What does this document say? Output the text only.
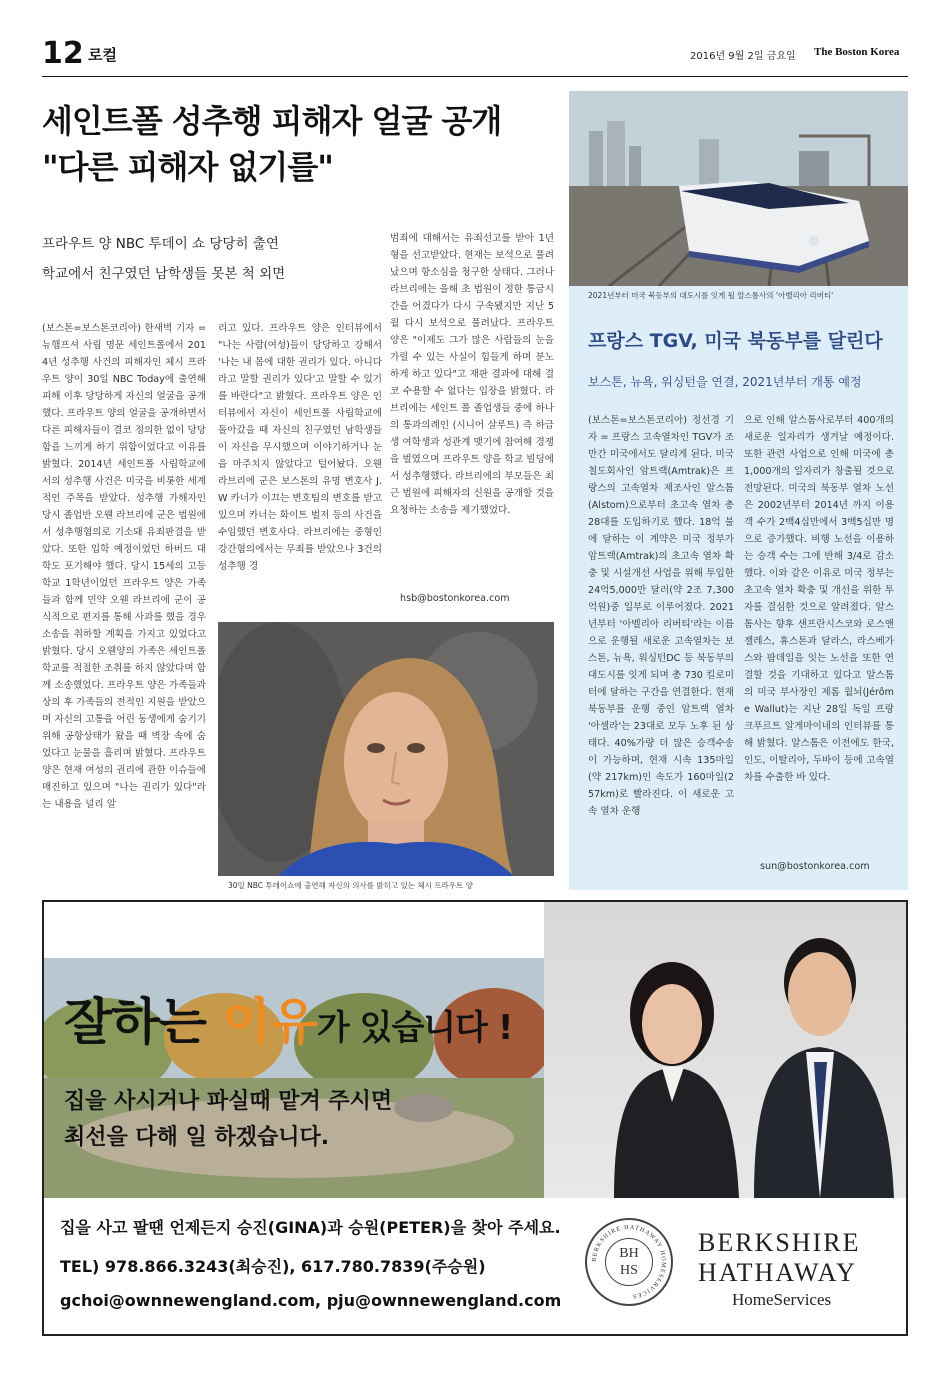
12 로컬	2016년 9월 2일 금요일 The Boston Korea
세인트폴 성추행 피해자 얼굴 공개
"다른 피해자 없기를"
프라우트 양 NBC 투데이 쇼 당당히 출연
학교에서 친구였던 남학생들 못본 척 외면
(보스톤=보스톤코리아) 한새벽 기자 = 뉴햄프셔 사립 명문 세인트폴에서 2014년 성추행 사건의 피해자인 체시 프라우트 양이 30일 NBC Today에 출연해 피해 이후 당당하게 자신의 얼굴을 공개했다. 프라우트 양의 얼굴을 공개하면서 다른 피해자들이 결코 정의한 없이 당당함을 느끼게 하기 위함이었다고 이유를 밝혔다. 2014년 세인트폴 사립학교에서의 성추행 사건은 미국을 비롯한 세계적인 주목을 받았다. 성추행 가해자인 당시 졸업반 오웬 라브리에 군은 법원에서 성추행혐의로 기소돼 유죄판결을 받았다. 또한 입학 예정이었던 하버드 대학도 포기해야 했다. 당시 15세의 고등학교 1학년이었던 프라우트 양은 가족들과 함께 민약 오웬 라브리에 군이 공식적으로 편지를 통해 사과를 했을 경우 소송을 취하할 계획을 가지고 있었다고 밝혔다. 당시 오웬양의 가족은 세인트폴 학교를 적절한 조취를 하지 않았다며 함께 소송했었다. 프라우트 양은 가족들과 상의 후 가족들의 전적인 지원을 받았으며 자신의 고통을 어린 동생에게 숨기기 위해 공항상태가 왔을 때 벽장 속에 숨었다고 눈물을 흘리며 밝혔다. 프라우트 양은 현재 여성의 권리에 관한 이슈들에 매진하고 있으며 "나는 권리가 있다"라는 내용을 널리 알
리고 있다. 프라우트 양은 인터뷰에서 "나는 사람(여성)들이 당당하고 강해서 '나는 내 몸에 대한 권리가 있다. 아니다라고 말할 권리가 있다'고 말할 수 있기를 바란다"고 밝혔다. 프라우트 양은 인터뷰에서 자신이 세인트폴 사립학교에 돌아갔을 때 자신의 친구였던 남학생들이 자신을 무시했으며 이야기하거나 눈을 마주치지 않았다고 털어놨다. 오웬 라브리에 군은 보스톤의 유명 변호사 J.W 카너가 이끄는 변호팀의 변호를 받고 있으며 카너는 화이트 벌저 등의 사건을 수임했던 변호사다. 라브리에는 중형인 강간혐의에서는 무죄를 받았으나 3건의 성추행 경
범죄에 대해서는 유죄선고를 받아 1년형을 선고받았다. 현재는 보석으로 풀려났으며 항소심을 청구한 상태다. 그러나 라브리에는 올해 초 법원이 정한 통금시간을 어겼다가 다시 구속됐지만 지난 5월 다시 보석으로 풀려났다. 프라우트 양은 "이제도 그가 많은 사람들의 눈을 가릴 수 있는 사실이 힘들게 하며 분노하게 하고 있다"고 재판 결과에 대해 결코 수용할 수 없다는 입장을 밝혔다. 라브리에는 세인트 폴 졸업생들 중에 하나의 통과의례인 (시니어 살루트) 즉 하급생 여학생과 성관계 맺기에 참여해 경쟁을 벌였으며 프라우트 양을 학교 빌딩에서 성추행했다. 라브리에의 부모들은 최근 법원에 피해자의 신원을 공개할 것을 요청하는 소송을 제기했었다.
hsb@bostonkorea.com
30일 NBC 투데이쇼에 출연해 자신의 의사를 밝히고 있는 체시 프라우트 양
2021년부터 미국 북동부의 대도시를 잇게 될 알스톰사의 '아벨리아 리버티'
프랑스 TGV, 미국 북동부를 달린다
보스톤, 뉴욕, 워싱턴을 연결, 2021년부터 개통 예정
(보스톤=보스톤코리아) 정선경 기자 = 프랑스 고속열차인 TGV가 조만간 미국에서도 달리게 된다. 미국철도회사인 암트랙(Amtrak)은 프랑스의 고속열차 제조사인 알스톰(Alstom)으로부터 초고속 열차 총 28대를 도입하기로 했다. 18억 불에 달하는 이 계약은 미국 정부가 암트랙(Amtrak)의 초고속 열차 확충 및 시설개선 사업을 위해 투입한 24억5,000만 달러(약 2조 7,300억원)중 일부로 이루어졌다. 2021년부터 '아벨리아 리버티'라는 이름으로 운행될 새로운 고속열차는 보스톤, 뉴욕, 워싱턴DC 등 북동부의 대도시를 잇게 되며 총 730 킬로미터에 달하는 구간을 연결한다. 현재 북동부를 운행 중인 암트랙 열차 '아셀라'는 23대로 모두 노후 된 상태다. 40%가량 더 많은 승객수송이 가능하며, 현재 시속 135마일(약 217km)인 속도가 160마일(257km)로 빨라진다. 이 새로운 고속 열차 운행
으로 인해 알스톰사로부터 400개의 새로운 일자리가 생겨날 예정이다. 또한 관련 사업으로 인해 미국에 총 1,000개의 일자리가 창출될 것으로 전망된다. 미국의 북동부 열차 노선은 2002년부터 2014년 까지 이용객 수가 2백4십만에서 3백5십만 명으로 증가했다. 비행 노선을 이용하는 승객 수는 그에 반해 3/4로 감소했다. 이와 같은 이유로 미국 정부는 초고속 열차 확충 및 개선을 위한 투자를 결심한 것으로 알려졌다. 알스톰사는 향후 샌프란시스코와 로스앤젤레스, 휴스톤과 달라스, 라스베가스와 팜데일을 잇는 노선을 또한 연결할 것을 기대하고 있다고 알스톰의 미국 부사장인 제롬 월뇌(Jérôme Wallut)는 지난 28일 독일 프랑크푸르트 알게마이네의 인터뷰를 통해 밝혔다. 알스톰은 이전에도 한국, 인도, 이탈리아, 두바이 등에 고속열차를 수출한 바 있다.
sun@bostonkorea.com
잘하는 이유가 있습니다 !
집을 사시거나 파실때 맡겨 주시면
최선을 다해 일 하겠습니다.
집을 사고 팔땐 언제든지 승진(GINA)과 승원(PETER)을 찾아 주세요.
TEL) 978.866.3243(최승진), 617.780.7839(주승원)
gchoi@ownnewengland.com, pju@ownnewengland.com
BERKSHIRE HATHAWAY HOMESERVICES
BH
HS
BERKSHIRE
HATHAWAY
HomeServices
